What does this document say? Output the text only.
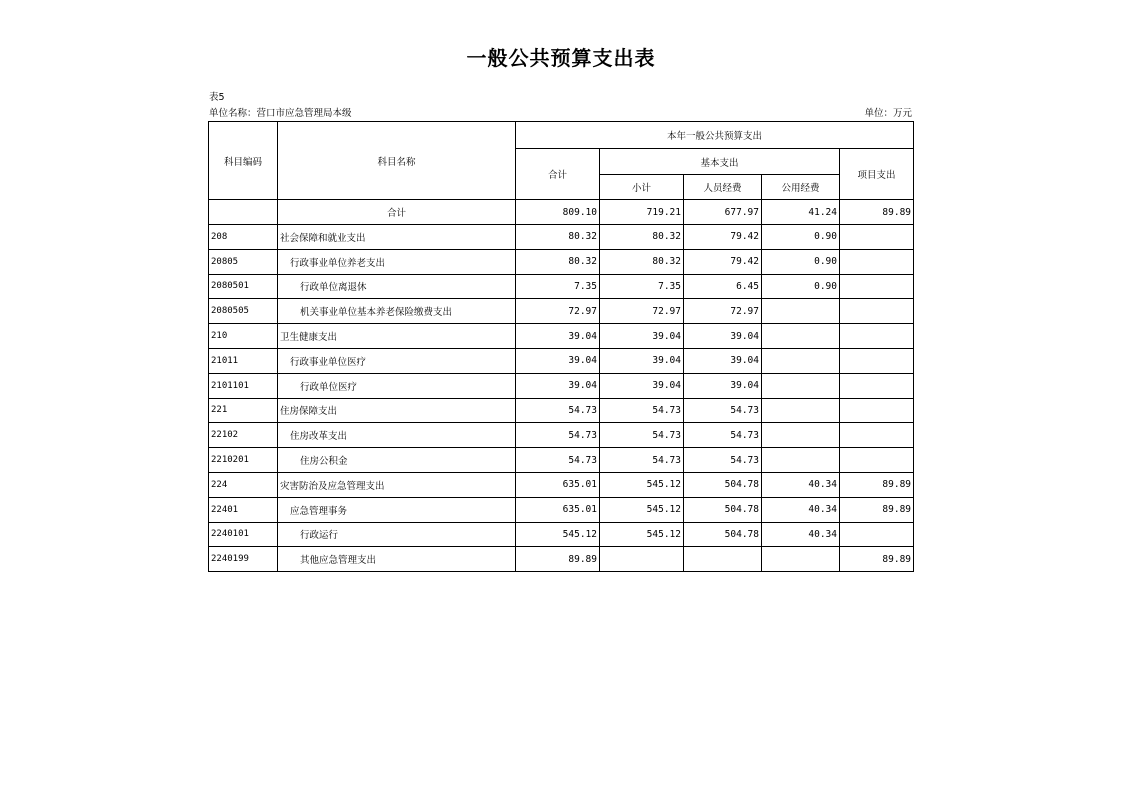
一般公共预算支出表
表5
单位名称：营口市应急管理局本级	单位：万元
科目编码	科目名称	本年一般公共预算支出				
		合计	基本支出			项目支出
			小计	人员经费	公用经费	
	合计	809.10	719.21	677.97	41.24	89.89
208	社会保障和就业支出	80.32	80.32	79.42	0.90	
20805	行政事业单位养老支出	80.32	80.32	79.42	0.90	
2080501	行政单位离退休	7.35	7.35	6.45	0.90	
2080505	机关事业单位基本养老保险缴费支出	72.97	72.97	72.97		
210	卫生健康支出	39.04	39.04	39.04		
21011	行政事业单位医疗	39.04	39.04	39.04		
2101101	行政单位医疗	39.04	39.04	39.04		
221	住房保障支出	54.73	54.73	54.73		
22102	住房改革支出	54.73	54.73	54.73		
2210201	住房公积金	54.73	54.73	54.73		
224	灾害防治及应急管理支出	635.01	545.12	504.78	40.34	89.89
22401	应急管理事务	635.01	545.12	504.78	40.34	89.89
2240101	行政运行	545.12	545.12	504.78	40.34	
2240199	其他应急管理支出	89.89				89.89
